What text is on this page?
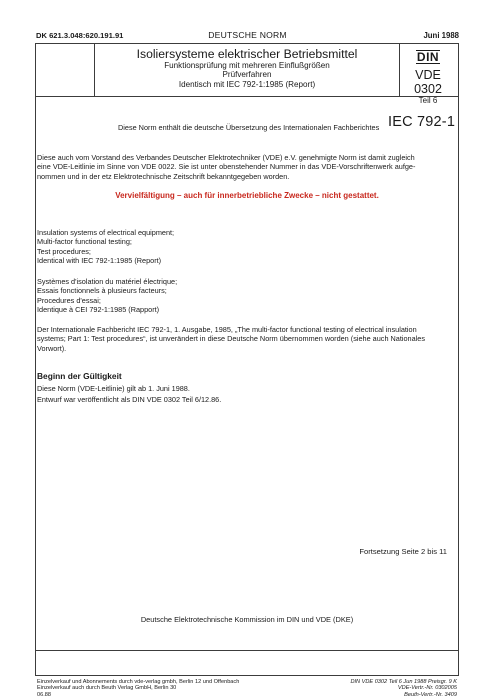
DK 621.3.048:620.191.91	DEUTSCHE NORM	Juni 1988
Isoliersysteme elektrischer Betriebsmittel
Funktionsprüfung mit mehreren Einflußgrößen
Prüfverfahren
Identisch mit IEC 792-1:1985 (Report)
DIN
VDE 0302
Teil 6
Diese Norm enthält die deutsche Übersetzung des Internationalen Fachberichtes IEC 792-1
Diese auch vom Vorstand des Verbandes Deutscher Elektrotechniker (VDE) e.V. genehmigte Norm ist damit zugleich
eine VDE-Leitlinie im Sinne von VDE 0022. Sie ist unter obenstehender Nummer in das VDE-Vorschriftenwerk aufge-
nommen und in der etz Elektrotechnische Zeitschrift bekanntgegeben worden.
Vervielfältigung – auch für innerbetriebliche Zwecke – nicht gestattet.
Insulation systems of electrical equipment;
Multi-factor functional testing;
Test procedures;
Identical with IEC 792-1:1985 (Report)
Systèmes d'isolation du matériel électrique;
Essais fonctionnels à plusieurs facteurs;
Procedures d'essai;
Identique à CEI 792-1:1985 (Rapport)
Der Internationale Fachbericht IEC 792-1, 1. Ausgabe, 1985, „The multi-factor functional testing of electrical insulation
systems; Part 1: Test procedures“, ist unverändert in diese Deutsche Norm übernommen worden (siehe auch Nationales
Vorwort).
Beginn der Gültigkeit
Diese Norm (VDE-Leitlinie) gilt ab 1. Juni 1988.
Entwurf war veröffentlicht als DIN VDE 0302 Teil 6/12.86.
Fortsetzung Seite 2 bis 11
Deutsche Elektrotechnische Kommission im DIN und VDE (DKE)
Einzelverkauf und Abonnements durch vde-verlag gmbh, Berlin 12 und Offenbach
Einzelverkauf auch durch Beuth Verlag GmbH, Berlin 30
06.88
DIN VDE 0302 Teil 6 Jun 1988 Preisgr. 9 K
VDE-Vertr.-Nr. 0302005
Beuth-Vertr.-Nr. 3409
